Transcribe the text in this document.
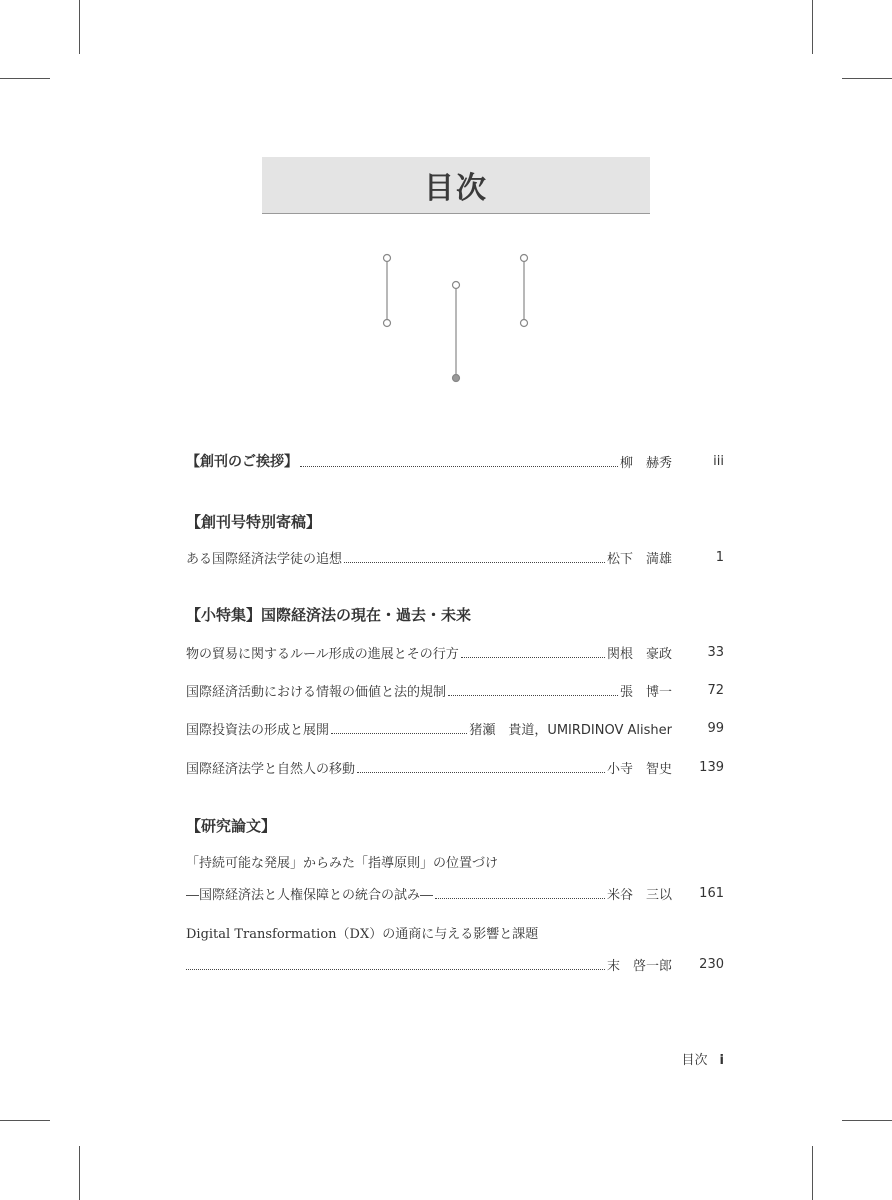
目次
【創刊のご挨拶】	柳　赫秀	iii
【創刊号特別寄稿】
ある国際経済法学徒の追想	松下　満雄	1
【小特集】国際経済法の現在・過去・未来
物の貿易に関するルール形成の進展とその行方	関根　豪政	33
国際経済活動における情報の価値と法的規制	張　博一	72
国際投資法の形成と展開	猪瀬　貴道，UMIRDINOV Alisher	99
国際経済法学と自然人の移動	小寺　智史	139
【研究論文】
「持続可能な発展」からみた「指導原則」の位置づけ
―国際経済法と人権保障との統合の試み―	米谷　三以	161
Digital Transformation（DX）の通商に与える影響と課題
末　啓一郎	230
目次 i
